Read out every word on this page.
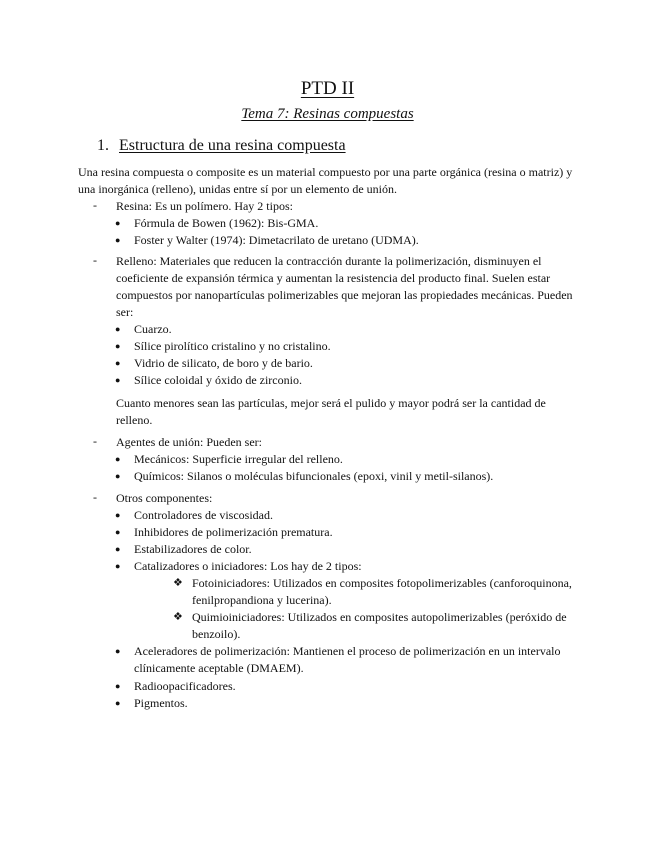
PTD II
Tema 7: Resinas compuestas
1. Estructura de una resina compuesta
Una resina compuesta o composite es un material compuesto por una parte orgánica (resina o matriz) y una inorgánica (relleno), unidas entre sí por un elemento de unión.
-	Resina: Es un polímero. Hay 2 tipos:
● Fórmula de Bowen (1962): Bis-GMA.
● Foster y Walter (1974): Dimetacrilato de uretano (UDMA).
-	Relleno: Materiales que reducen la contracción durante la polimerización, disminuyen el coeficiente de expansión térmica y aumentan la resistencia del producto final. Suelen estar compuestos por nanopartículas polimerizables que mejoran las propiedades mecánicas. Pueden ser:
● Cuarzo.
● Sílice pirolítico cristalino y no cristalino.
● Vidrio de silicato, de boro y de bario.
● Sílice coloidal y óxido de zirconio.
Cuanto menores sean las partículas, mejor será el pulido y mayor podrá ser la cantidad de relleno.
-	Agentes de unión: Pueden ser:
● Mecánicos: Superficie irregular del relleno.
● Químicos: Silanos o moléculas bifuncionales (epoxi, vinil y metil-silanos).
-	Otros componentes:
● Controladores de viscosidad.
● Inhibidores de polimerización prematura.
● Estabilizadores de color.
● Catalizadores o iniciadores: Los hay de 2 tipos:
❖ Fotoiniciadores: Utilizados en composites fotopolimerizables (canforoquinona, fenilpropandiona y lucerina).
❖ Quimioiniciadores: Utilizados en composites autopolimerizables (peróxido de benzoilo).
● Aceleradores de polimerización: Mantienen el proceso de polimerización en un intervalo clínicamente aceptable (DMAEM).
● Radioopacificadores.
● Pigmentos.
